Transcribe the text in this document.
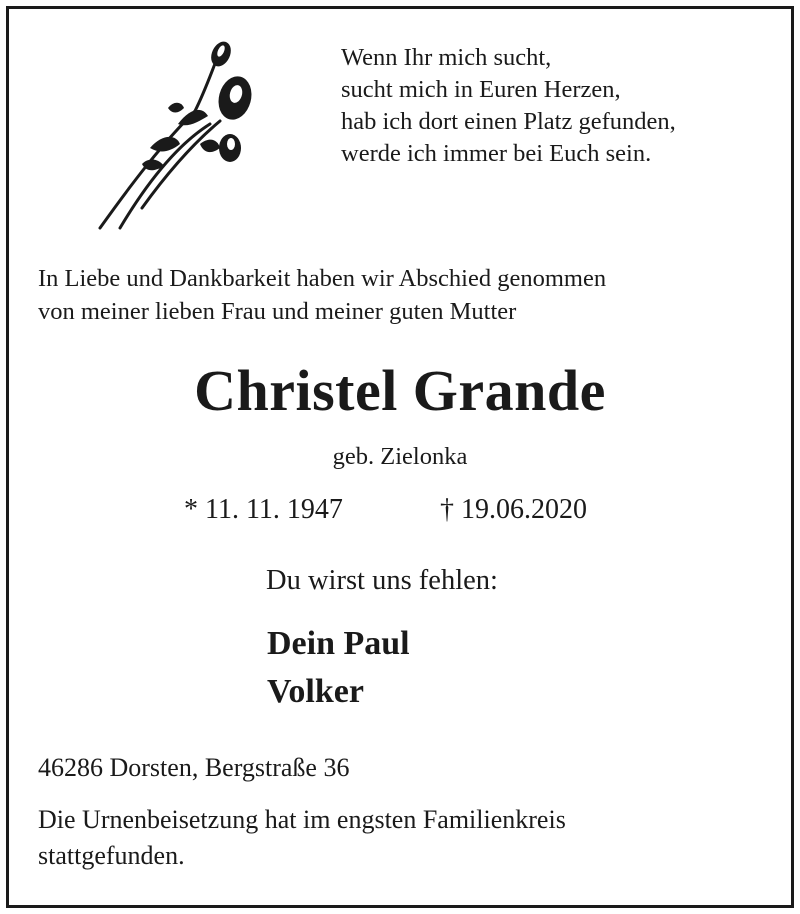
Wenn Ihr mich sucht,
sucht mich in Euren Herzen,
hab ich dort einen Platz gefunden,
werde ich immer bei Euch sein.
In Liebe und Dankbarkeit haben wir Abschied genommen
von meiner lieben Frau und meiner guten Mutter
Christel Grande
geb. Zielonka
* 11. 11. 1947	† 19.06.2020
Du wirst uns fehlen:
Dein Paul
Volker
46286 Dorsten, Bergstraße 36
Die Urnenbeisetzung hat im engsten Familienkreis
stattgefunden.
